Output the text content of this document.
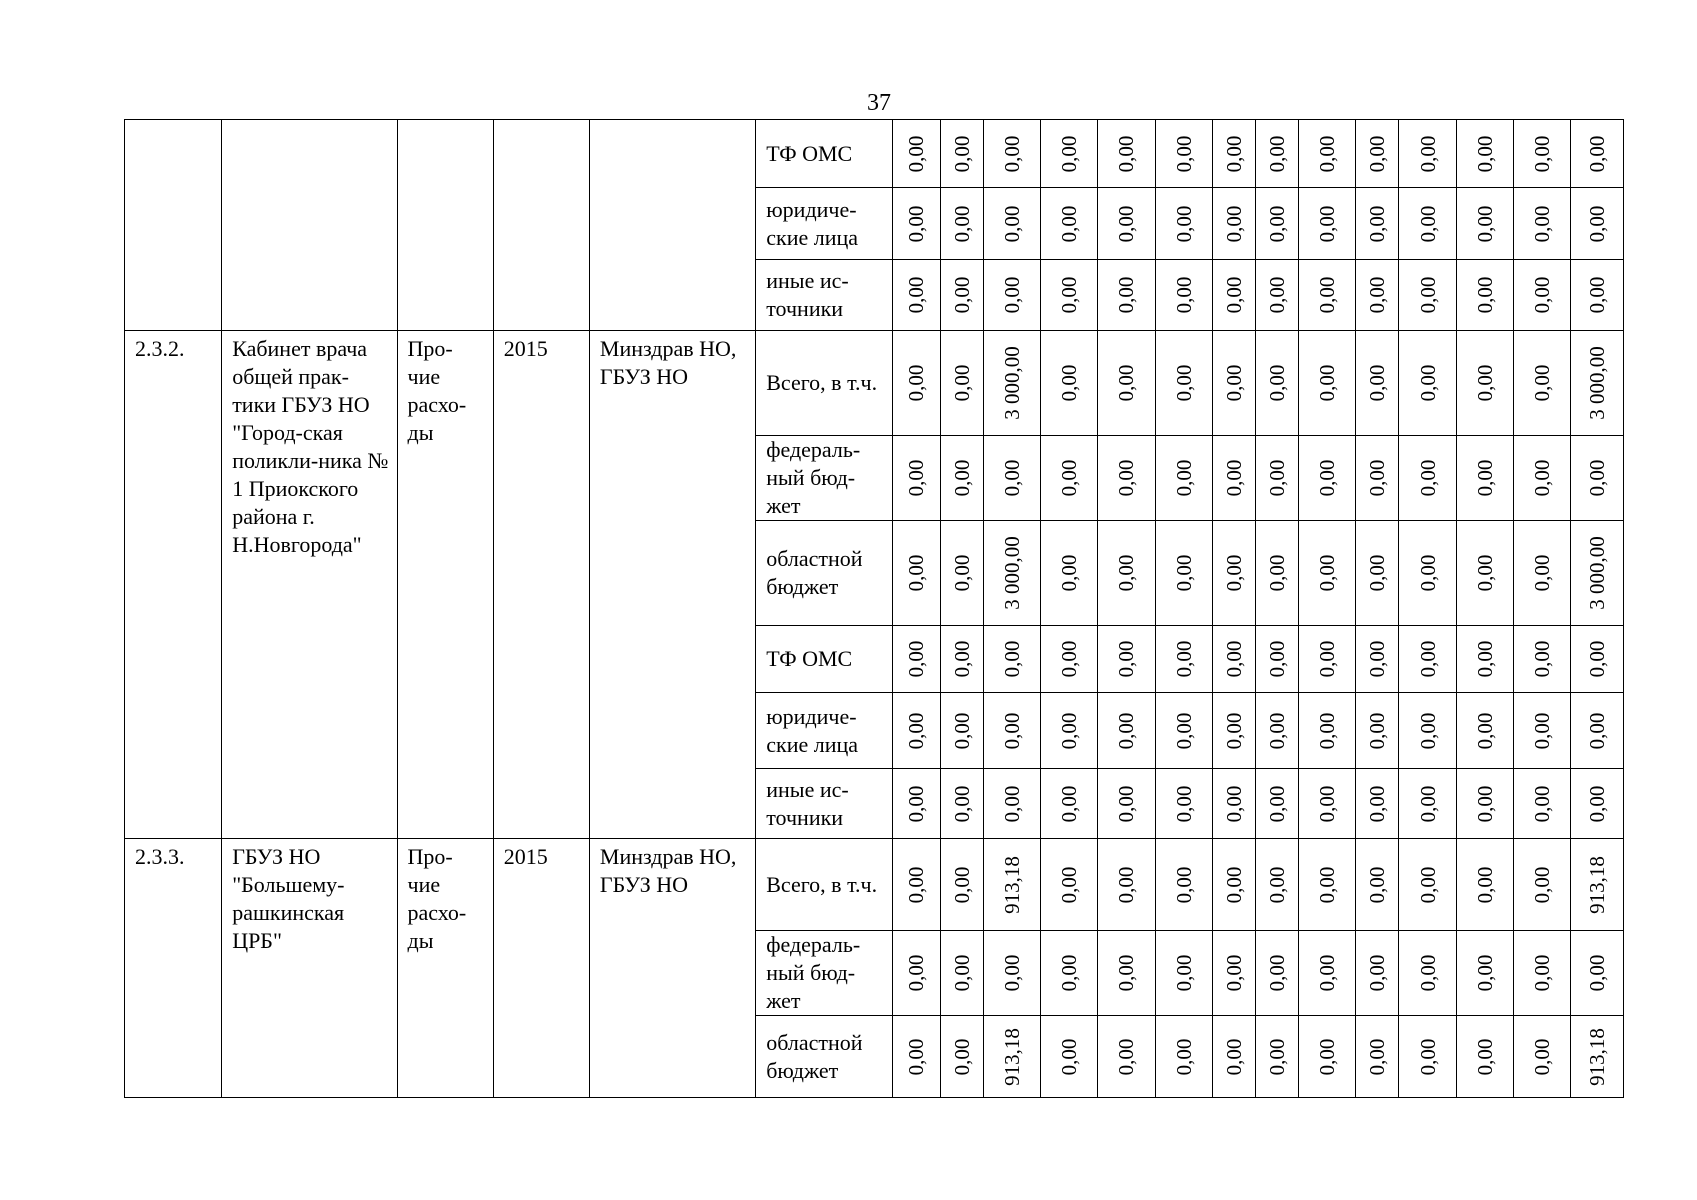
37
					ТФ ОМС	0,00	0,00	0,00	0,00	0,00	0,00	0,00	0,00	0,00	0,00	0,00	0,00	0,00	0,00

					юридиче-ские лица	0,00	0,00	0,00	0,00	0,00	0,00	0,00	0,00	0,00	0,00	0,00	0,00	0,00	0,00

					иные ис-точники	0,00	0,00	0,00	0,00	0,00	0,00	0,00	0,00	0,00	0,00	0,00	0,00	0,00	0,00

2.3.2.	Кабинет врача общей прак-тики ГБУЗ НО "Город-ская поликли-ника № 1 Приокского района г. Н.Новгорода"	Про-чие расхо-ды	2015	Минздрав НО, ГБУЗ НО	Всего, в т.ч.	0,00	0,00	3 000,00	0,00	0,00	0,00	0,00	0,00	0,00	0,00	0,00	0,00	0,00	3 000,00

					федераль-ный бюд-жет	0,00	0,00	0,00	0,00	0,00	0,00	0,00	0,00	0,00	0,00	0,00	0,00	0,00	0,00

					областной бюджет	0,00	0,00	3 000,00	0,00	0,00	0,00	0,00	0,00	0,00	0,00	0,00	0,00	0,00	3 000,00

					ТФ ОМС	0,00	0,00	0,00	0,00	0,00	0,00	0,00	0,00	0,00	0,00	0,00	0,00	0,00	0,00

					юридиче-ские лица	0,00	0,00	0,00	0,00	0,00	0,00	0,00	0,00	0,00	0,00	0,00	0,00	0,00	0,00

					иные ис-точники	0,00	0,00	0,00	0,00	0,00	0,00	0,00	0,00	0,00	0,00	0,00	0,00	0,00	0,00

2.3.3.	ГБУЗ НО "Большему-рашкинская ЦРБ"	Про-чие расхо-ды	2015	Минздрав НО, ГБУЗ НО	Всего, в т.ч.	0,00	0,00	913,18	0,00	0,00	0,00	0,00	0,00	0,00	0,00	0,00	0,00	0,00	913,18

					федераль-ный бюд-жет	0,00	0,00	0,00	0,00	0,00	0,00	0,00	0,00	0,00	0,00	0,00	0,00	0,00	0,00

					областной бюджет	0,00	0,00	913,18	0,00	0,00	0,00	0,00	0,00	0,00	0,00	0,00	0,00	0,00	913,18
